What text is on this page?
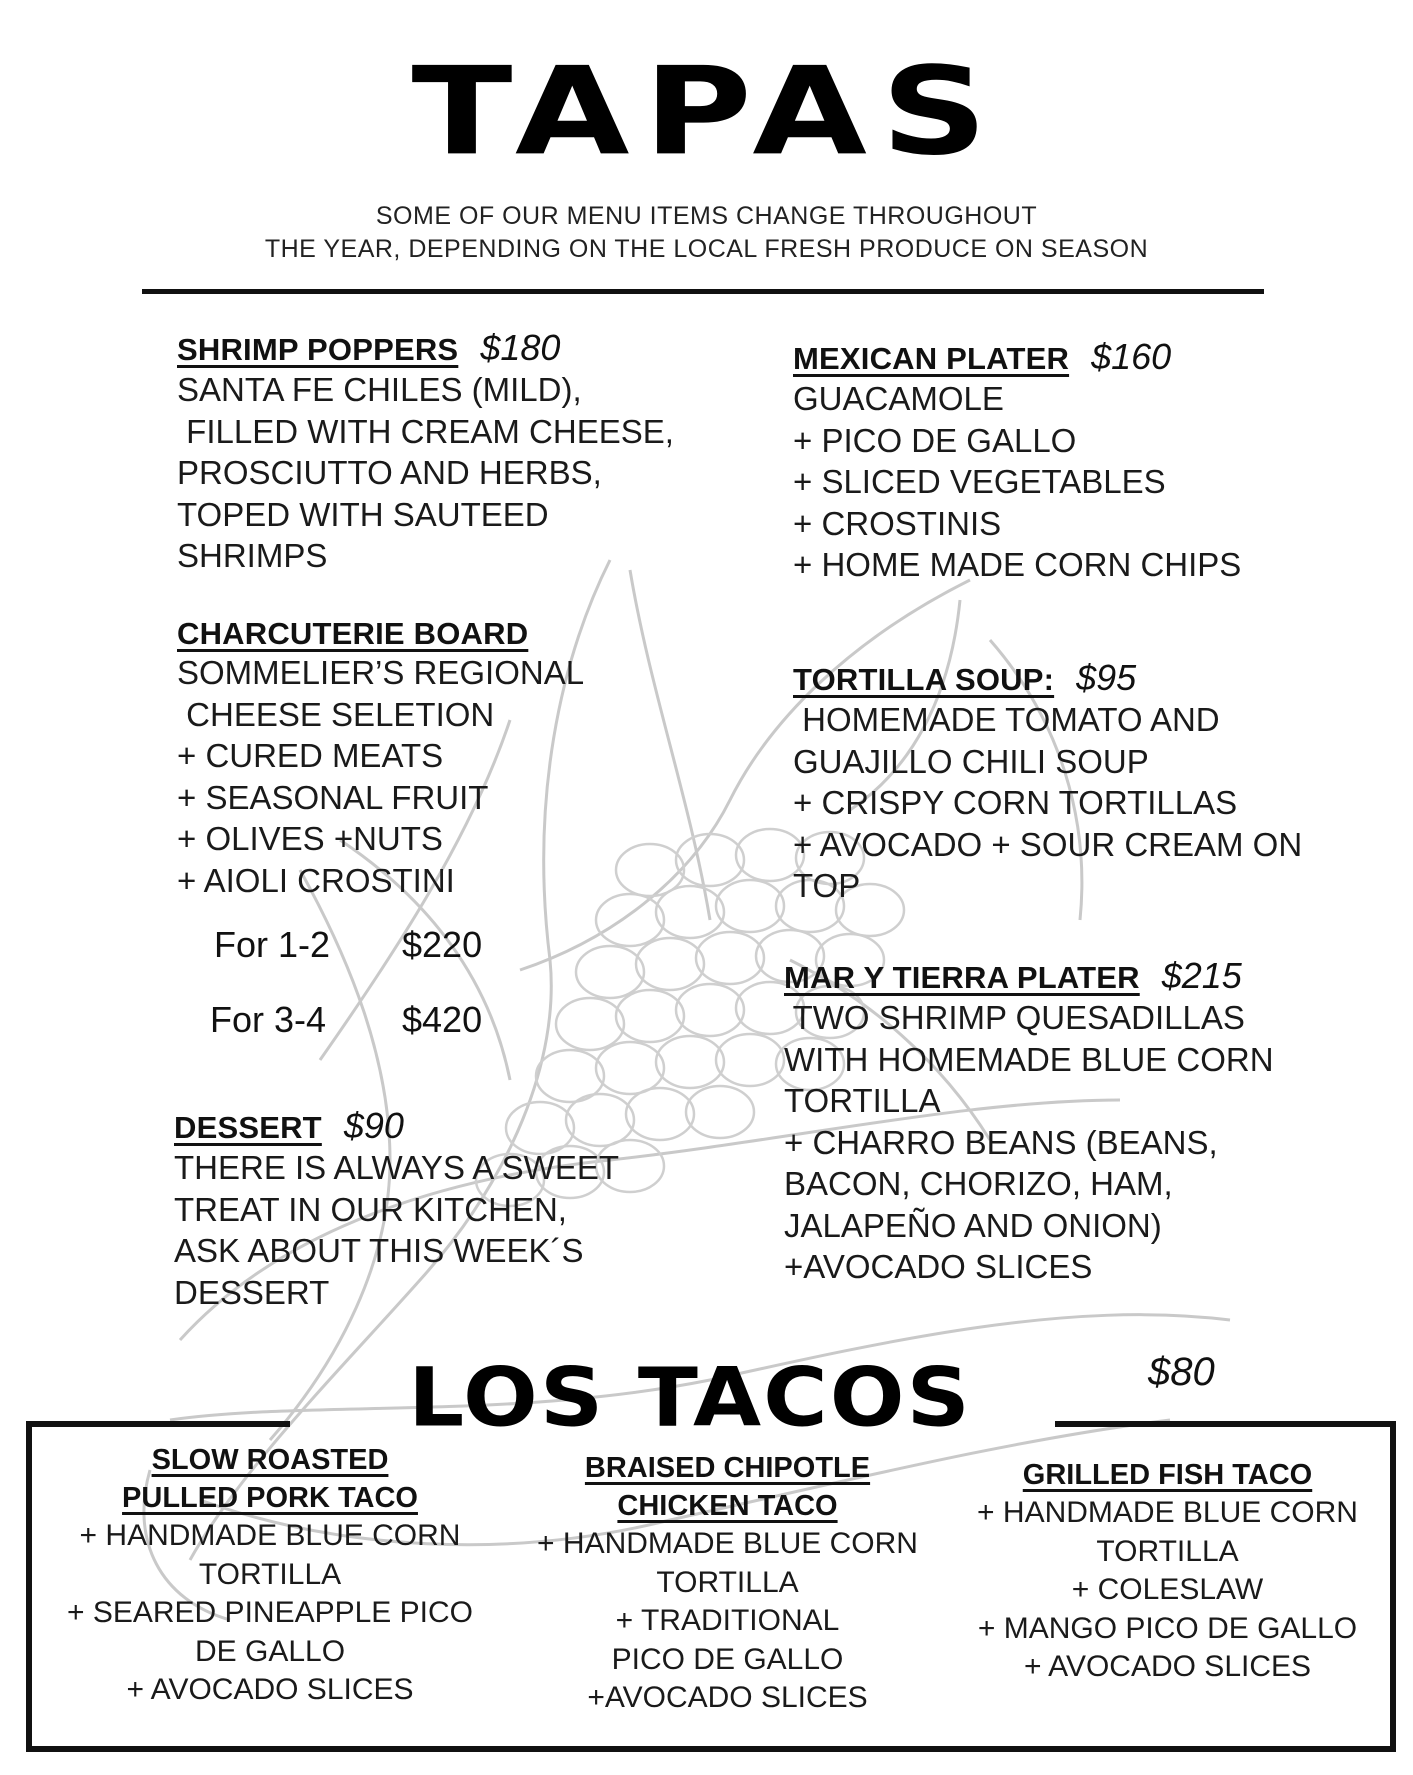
TAPAS
SOME OF OUR MENU ITEMS CHANGE THROUGHOUT
THE YEAR, DEPENDING ON THE LOCAL FRESH PRODUCE ON SEASON
SHRIMP POPPERS $180
SANTA FE CHILES (MILD),
FILLED WITH CREAM CHEESE,
PROSCIUTTO AND HERBS,
TOPED WITH SAUTEED
SHRIMPS
CHARCUTERIE BOARD
SOMMELIER’S REGIONAL
CHEESE SELETION
+ CURED MEATS
+ SEASONAL FRUIT
+ OLIVES +NUTS
+ AIOLI CROSTINI
For 1-2 $220
For 3-4 $420
DESSERT $90
THERE IS ALWAYS A SWEET
TREAT IN OUR KITCHEN,
ASK ABOUT THIS WEEK´S
DESSERT
MEXICAN PLATER $160
GUACAMOLE
+ PICO DE GALLO
+ SLICED VEGETABLES
+ CROSTINIS
+ HOME MADE CORN CHIPS
TORTILLA SOUP: $95
HOMEMADE TOMATO AND
GUAJILLO CHILI SOUP
+ CRISPY CORN TORTILLAS
+ AVOCADO + SOUR CREAM ON
TOP
MAR Y TIERRA PLATER $215
TWO SHRIMP QUESADILLAS
WITH HOMEMADE BLUE CORN
TORTILLA
+ CHARRO BEANS (BEANS,
BACON, CHORIZO, HAM,
JALAPEÑO AND ONION)
+AVOCADO SLICES
LOS TACOS	$80
SLOW ROASTED
PULLED PORK TACO
+ HANDMADE BLUE CORN
TORTILLA
+ SEARED PINEAPPLE PICO
DE GALLO
+ AVOCADO SLICES
BRAISED CHIPOTLE
CHICKEN TACO
+ HANDMADE BLUE CORN
TORTILLA
+ TRADITIONAL
PICO DE GALLO
+AVOCADO SLICES
GRILLED FISH TACO
+ HANDMADE BLUE CORN
TORTILLA
+ COLESLAW
+ MANGO PICO DE GALLO
+ AVOCADO SLICES
